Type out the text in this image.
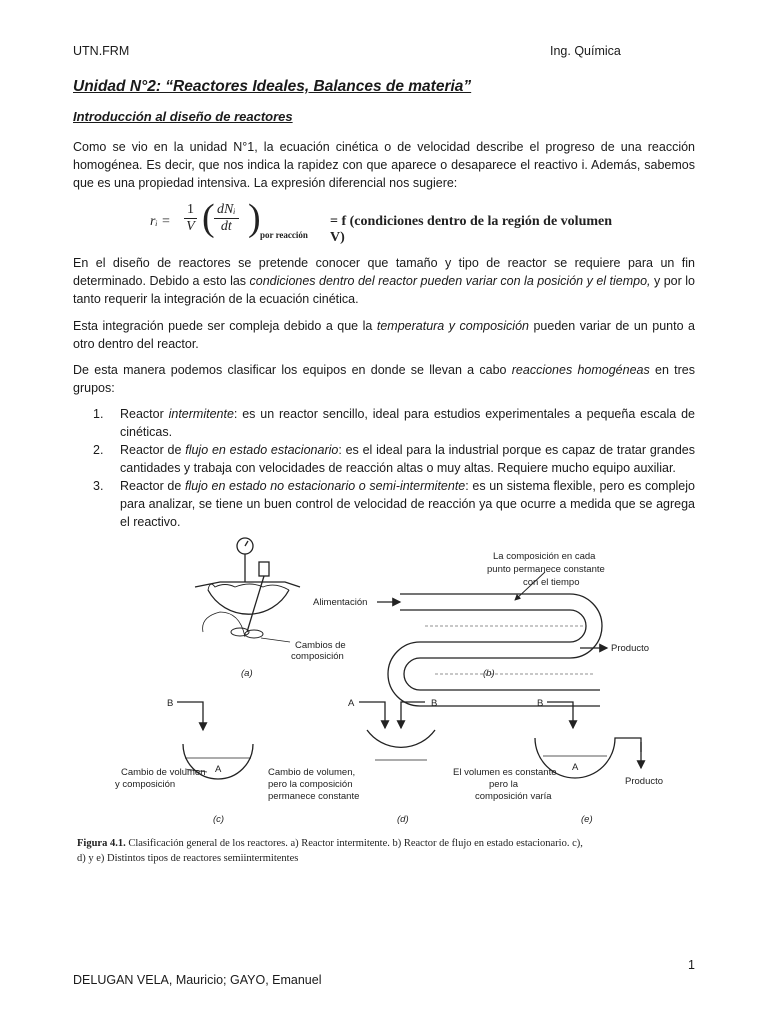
UTN.FRM	Ing. Química
Unidad N°2: “Reactores Ideales, Balances de materia”
Introducción al diseño de reactores

Como se vio en la unidad N°1, la ecuación cinética o de velocidad describe el progreso de una reacción homogénea. Es decir, que nos indica la rapidez con que aparece o desaparece el reactivo i. Además, sabemos que es una propiedad intensiva. La expresión diferencial nos sugiere:

rᵢ = $\frac{1}{V}$ ( dNᵢ
dt ) por reacción
= f (condiciones dentro de la región de volumen V)

En el diseño de reactores se pretende conocer que tamaño y tipo de reactor se requiere para un fin determinado. Debido a esto las condiciones dentro del reactor pueden variar con la posición y el tiempo, y por lo tanto requerir la integración de la ecuación cinética.

Esta integración puede ser compleja debido a que la temperatura y composición pueden variar de un punto a otro dentro del reactor.

De esta manera podemos clasificar los equipos en donde se llevan a cabo reacciones homogéneas en tres grupos:

1. Reactor intermitente: es un reactor sencillo, ideal para estudios experimentales a pequeña escala de cinéticas.
2. Reactor de flujo en estado estacionario: es el ideal para la industrial porque es capaz de tratar grandes cantidades y trabaja con velocidades de reacción altas o muy altas. Requiere mucho equipo auxiliar.
3. Reactor de flujo en estado no estacionario o semi-intermitente: es un sistema flexible, pero es complejo para analizar, se tiene un buen control de velocidad de reacción ya que ocurre a medida que se agrega el reactivo.
Cambios de
composición
(a)
Alimentación
La composición en cada
punto permanece constante
con el tiempo
Producto
(b)
B
A
Cambio de volumen
y composición
(c)
A	B
Cambio de volumen,
pero la composición
permanece constante
(d)
B
A
Producto
El volumen es constante
pero la
composición varía
(e)
Figura 4.1. Clasificación general de los reactores. a) Reactor intermitente. b) Reactor de flujo en estado estacionario. c),
d) y e) Distintos tipos de reactores semiintermitentes
1
DELUGAN VELA, Mauricio; GAYO, Emanuel
